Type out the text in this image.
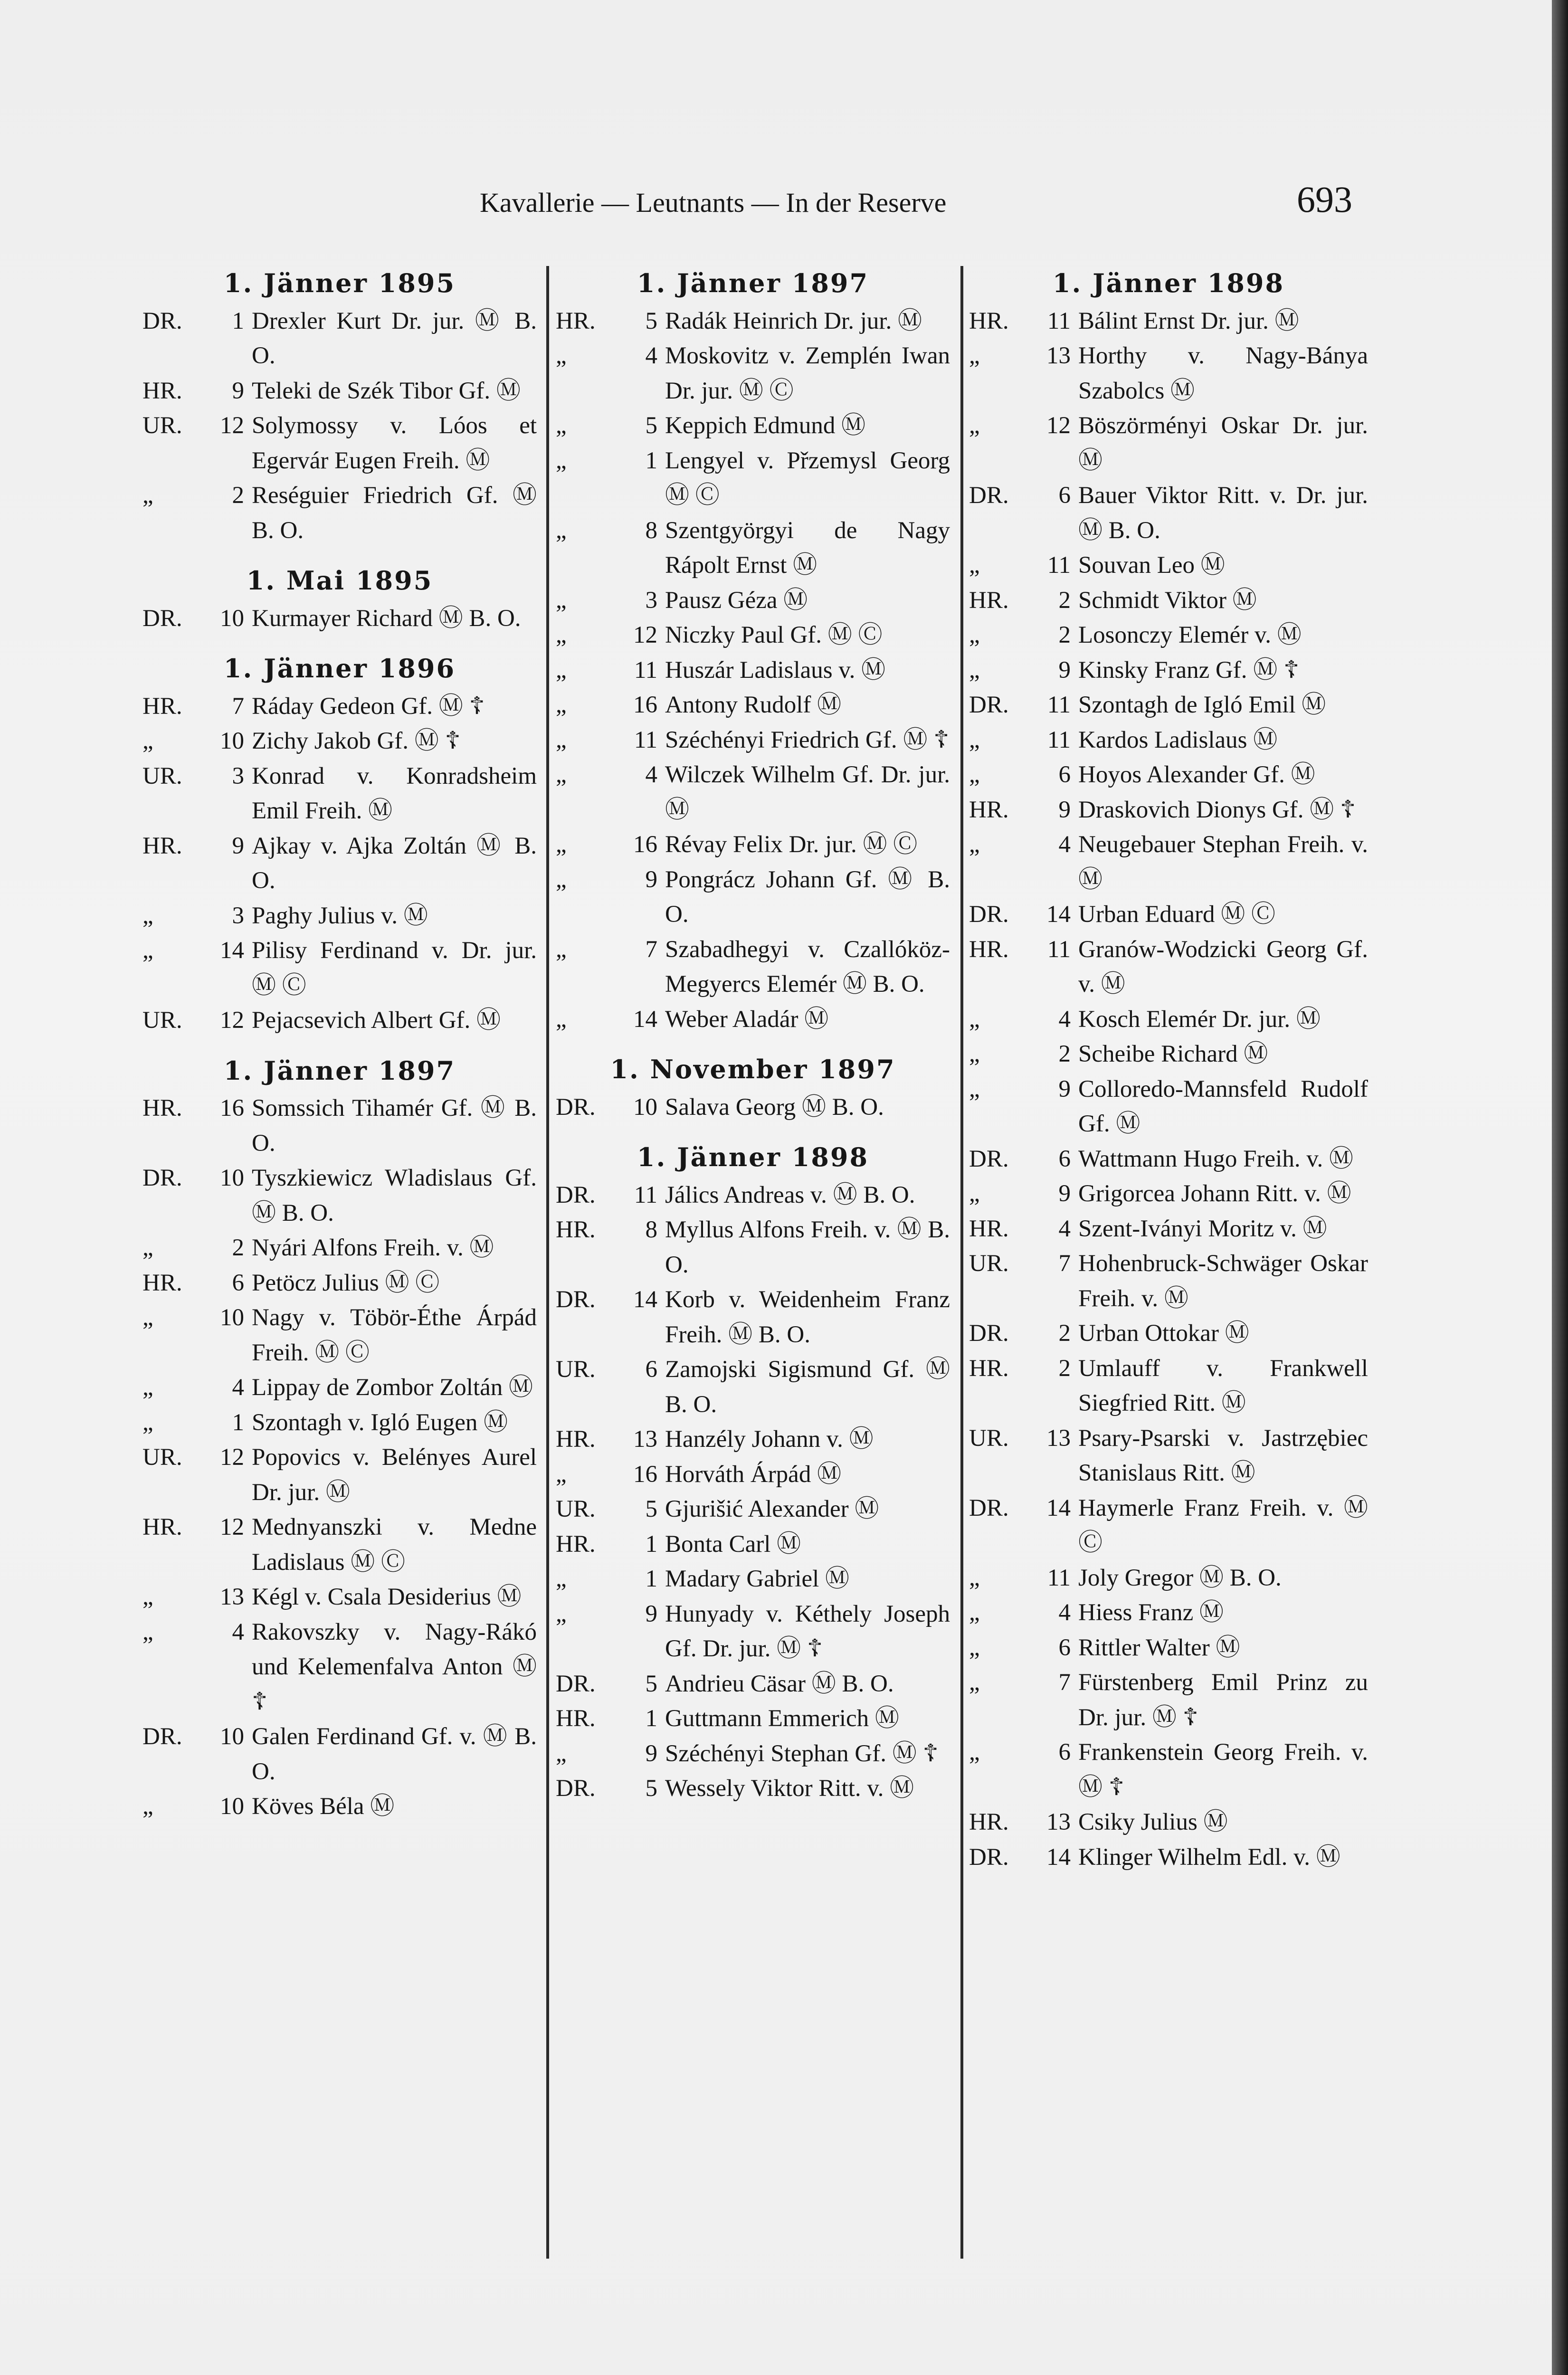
Kavallerie — Leutnants — In der Reserve	693
1. Jänner 1895
DR.	1 Drexler Kurt Dr. jur. Ⓜ B. O.
HR.	9 Teleki de Szék Tibor Gf. Ⓜ
UR.	12 Solymossy v. Lóos et Egervár Eugen Freih. Ⓜ
„	2 Reséguier Friedrich Gf. Ⓜ B. O.
1. Mai 1895
DR.	10 Kurmayer Richard Ⓜ B. O.
1. Jänner 1896
HR.	7 Ráday Gedeon Gf. Ⓜ ☦
„	10 Zichy Jakob Gf. Ⓜ ☦
UR.	3 Konrad v. Konradsheim Emil Freih. Ⓜ
HR.	9 Ajkay v. Ajka Zoltán Ⓜ B. O.
„	3 Paghy Julius v. Ⓜ
„	14 Pilisy Ferdinand v. Dr. jur. Ⓜ Ⓒ
UR.	12 Pejacsevich Albert Gf. Ⓜ
1. Jänner 1897
HR.	16 Somssich Tihamér Gf. Ⓜ B. O.
DR.	10 Tyszkiewicz Wladislaus Gf. Ⓜ B. O.
„	2 Nyári Alfons Freih. v. Ⓜ
HR.	6 Petöcz Julius Ⓜ Ⓒ
„	10 Nagy v. Töbör-Éthe Árpád Freih. Ⓜ Ⓒ
„	4 Lippay de Zombor Zoltán Ⓜ
„	1 Szontagh v. Igló Eugen Ⓜ
UR.	12 Popovics v. Belényes Aurel Dr. jur. Ⓜ
HR.	12 Mednyanszki v. Medne Ladislaus Ⓜ Ⓒ
„	13 Kégl v. Csala Desiderius Ⓜ
„	4 Rakovszky v. Nagy-Rákó und Kelemenfalva Anton Ⓜ ☦
DR.	10 Galen Ferdinand Gf. v. Ⓜ B. O.
„	10 Köves Béla Ⓜ
1. Jänner 1897
HR.	5 Radák Heinrich Dr. jur. Ⓜ
„	4 Moskovitz v. Zemplén Iwan Dr. jur. Ⓜ Ⓒ
„	5 Keppich Edmund Ⓜ
„	1 Lengyel v. Přzemysl Georg Ⓜ Ⓒ
„	8 Szentgyörgyi de Nagy Rápolt Ernst Ⓜ
„	3 Pausz Géza Ⓜ
„	12 Niczky Paul Gf. Ⓜ Ⓒ
„	11 Huszár Ladislaus v. Ⓜ
„	16 Antony Rudolf Ⓜ
„	11 Széchényi Friedrich Gf. Ⓜ ☦
„	4 Wilczek Wilhelm Gf. Dr. jur. Ⓜ
„	16 Révay Felix Dr. jur. Ⓜ Ⓒ
„	9 Pongrácz Johann Gf. Ⓜ B. O.
„	7 Szabadhegyi v. Czallóköz-Megyercs Elemér Ⓜ B. O.
„	14 Weber Aladár Ⓜ
1. November 1897
DR.	10 Salava Georg Ⓜ B. O.
1. Jänner 1898
DR.	11 Jálics Andreas v. Ⓜ B. O.
HR.	8 Myllus Alfons Freih. v. Ⓜ B. O.
DR.	14 Korb v. Weidenheim Franz Freih. Ⓜ B. O.
UR.	6 Zamojski Sigismund Gf. Ⓜ B. O.
HR.	13 Hanzély Johann v. Ⓜ
„	16 Horváth Árpád Ⓜ
UR.	5 Gjurišić Alexander Ⓜ
HR.	1 Bonta Carl Ⓜ
„	1 Madary Gabriel Ⓜ
„	9 Hunyady v. Kéthely Joseph Gf. Dr. jur. Ⓜ ☦
DR.	5 Andrieu Cäsar Ⓜ B. O.
HR.	1 Guttmann Emmerich Ⓜ
„	9 Széchényi Stephan Gf. Ⓜ ☦
DR.	5 Wessely Viktor Ritt. v. Ⓜ
1. Jänner 1898
HR.	11 Bálint Ernst Dr. jur. Ⓜ
„	13 Horthy v. Nagy-Bánya Szabolcs Ⓜ
„	12 Böszörményi Oskar Dr. jur. Ⓜ
DR.	6 Bauer Viktor Ritt. v. Dr. jur. Ⓜ B. O.
„	11 Souvan Leo Ⓜ
HR.	2 Schmidt Viktor Ⓜ
„	2 Losonczy Elemér v. Ⓜ
„	9 Kinsky Franz Gf. Ⓜ ☦
DR.	11 Szontagh de Igló Emil Ⓜ
„	11 Kardos Ladislaus Ⓜ
„	6 Hoyos Alexander Gf. Ⓜ
HR.	9 Draskovich Dionys Gf. Ⓜ ☦
„	4 Neugebauer Stephan Freih. v. Ⓜ
DR.	14 Urban Eduard Ⓜ Ⓒ
HR.	11 Granów-Wodzicki Georg Gf. v. Ⓜ
„	4 Kosch Elemér Dr. jur. Ⓜ
„	2 Scheibe Richard Ⓜ
„	9 Colloredo-Mannsfeld Rudolf Gf. Ⓜ
DR.	6 Wattmann Hugo Freih. v. Ⓜ
„	9 Grigorcea Johann Ritt. v. Ⓜ
HR.	4 Szent-Iványi Moritz v. Ⓜ
UR.	7 Hohenbruck-Schwäger Oskar Freih. v. Ⓜ
DR.	2 Urban Ottokar Ⓜ
HR.	2 Umlauff v. Frankwell Siegfried Ritt. Ⓜ
UR.	13 Psary-Psarski v. Jastrzębiec Stanislaus Ritt. Ⓜ
DR.	14 Haymerle Franz Freih. v. Ⓜ Ⓒ
„	11 Joly Gregor Ⓜ B. O.
„	4 Hiess Franz Ⓜ
„	6 Rittler Walter Ⓜ
„	7 Fürstenberg Emil Prinz zu Dr. jur. Ⓜ ☦
„	6 Frankenstein Georg Freih. v. Ⓜ ☦
HR.	13 Csiky Julius Ⓜ
DR.	14 Klinger Wilhelm Edl. v. Ⓜ
